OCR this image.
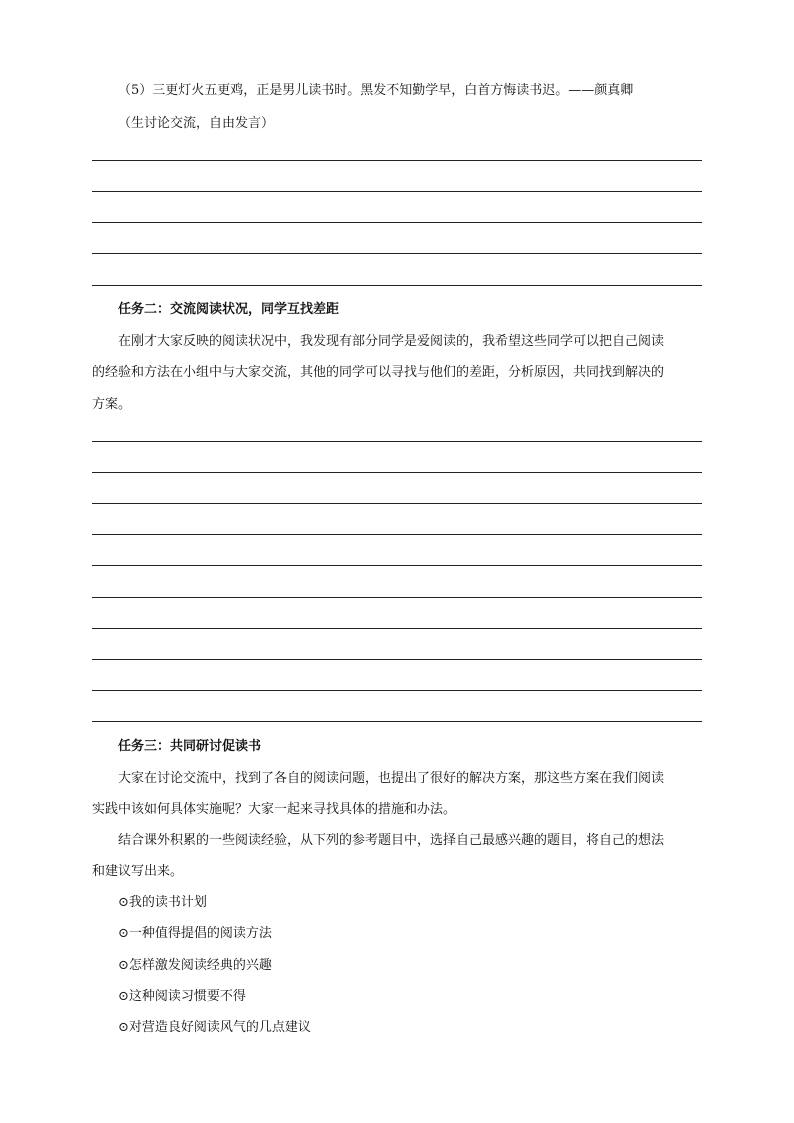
（5）三更灯火五更鸡，正是男儿读书时。黑发不知勤学早，白首方悔读书迟。——颜真卿
（生讨论交流，自由发言）
任务二：交流阅读状况，同学互找差距
在刚才大家反映的阅读状况中，我发现有部分同学是爱阅读的，我希望这些同学可以把自己阅读
的经验和方法在小组中与大家交流，其他的同学可以寻找与他们的差距，分析原因，共同找到解决的
方案。
任务三：共同研讨促读书
大家在讨论交流中，找到了各自的阅读问题，也提出了很好的解决方案，那这些方案在我们阅读
实践中该如何具体实施呢？大家一起来寻找具体的措施和办法。
结合课外积累的一些阅读经验，从下列的参考题目中，选择自己最感兴趣的题目，将自己的想法
和建议写出来。
⊙我的读书计划
⊙一种值得提倡的阅读方法
⊙怎样激发阅读经典的兴趣
⊙这种阅读习惯要不得
⊙对营造良好阅读风气的几点建议
